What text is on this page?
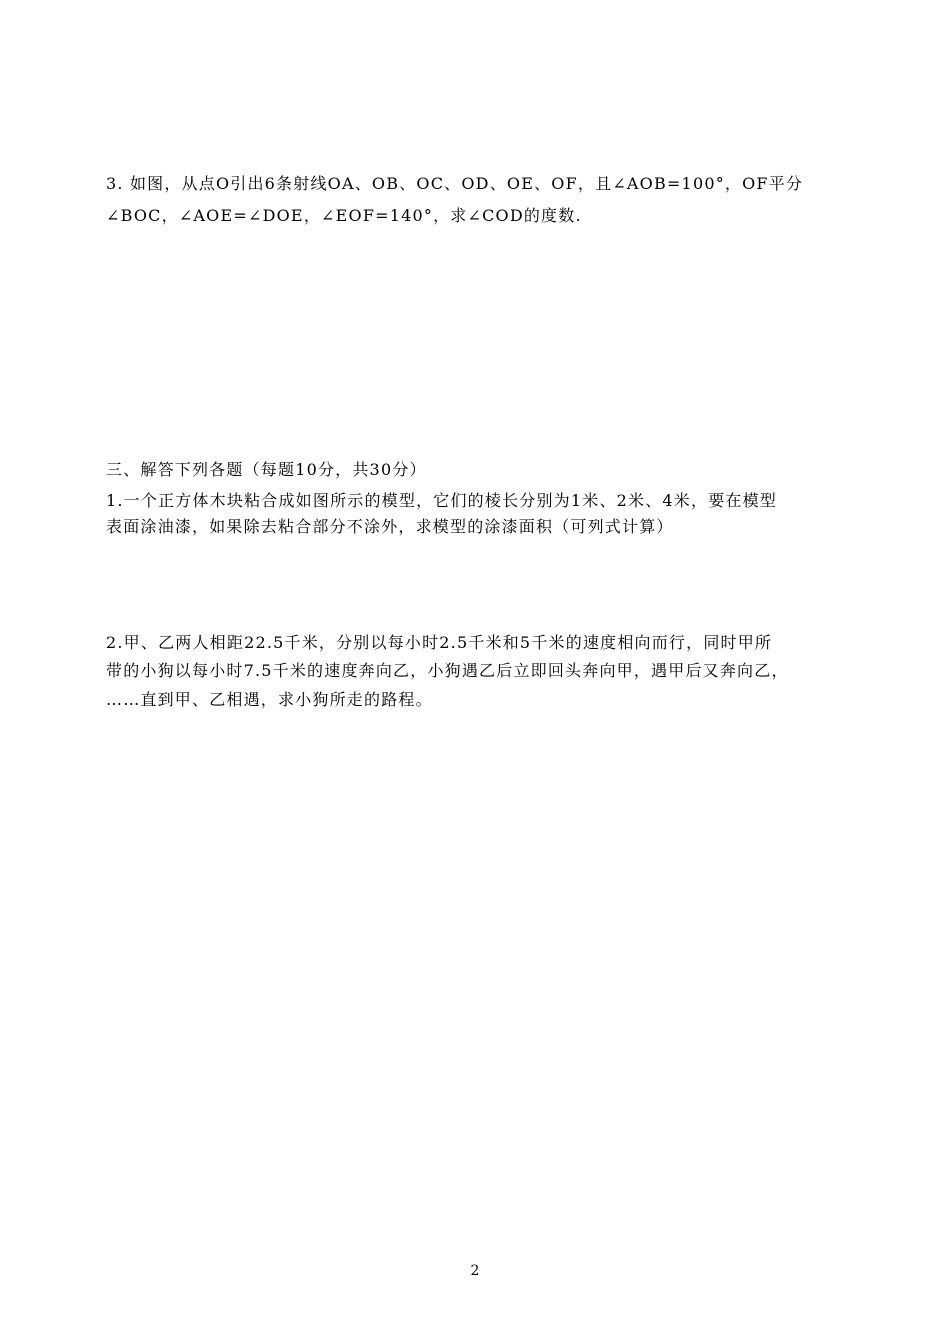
3. 如图，从点O引出6条射线OA、OB、OC、OD、OE、OF，且∠AOB=100°，OF平分
∠BOC，∠AOE=∠DOE，∠EOF=140°，求∠COD的度数.
三、解答下列各题（每题10分，共30分）
1.一个正方体木块粘合成如图所示的模型，它们的棱长分别为1米、2米、4米，要在模型
表面涂油漆，如果除去粘合部分不涂外，求模型的涂漆面积（可列式计算）
2.甲、乙两人相距22.5千米，分别以每小时2.5千米和5千米的速度相向而行，同时甲所
带的小狗以每小时7.5千米的速度奔向乙，小狗遇乙后立即回头奔向甲，遇甲后又奔向乙，
……直到甲、乙相遇，求小狗所走的路程。
2
